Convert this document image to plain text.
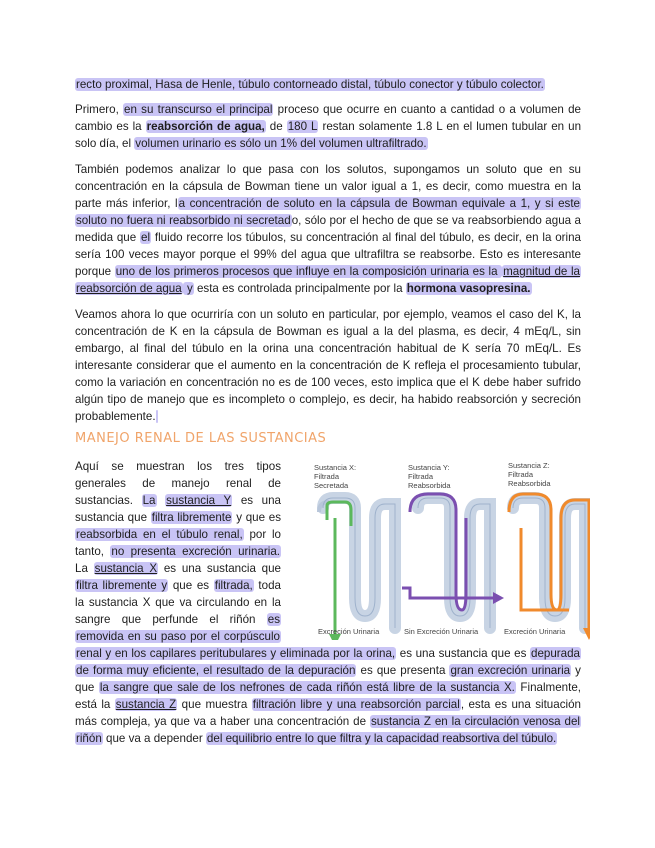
recto proximal, Hasa de Henle, túbulo contorneado distal, túbulo conector y túbulo colector.

Primero, en su transcurso el principal proceso que ocurre en cuanto a cantidad o a volumen de cambio es la reabsorción de agua, de 180 L restan solamente 1.8 L en el lumen tubular en un solo día, el volumen urinario es sólo un 1% del volumen ultrafiltrado.

También podemos analizar lo que pasa con los solutos, supongamos un soluto que en su concentración en la cápsula de Bowman tiene un valor igual a 1, es decir, como muestra en la parte más inferior, la concentración de soluto en la cápsula de Bowman equivale a 1, y si este soluto no fuera ni reabsorbido ni secretado, sólo por el hecho de que se va reabsorbiendo agua a medida que el fluido recorre los túbulos, su concentración al final del túbulo, es decir, en la orina sería 100 veces mayor porque el 99% del agua que ultrafiltra se reabsorbe. Esto es interesante porque uno de los primeros procesos que influye en la composición urinaria es la magnitud de la reabsorción de agua y esta es controlada principalmente por la hormona vasopresina.

Veamos ahora lo que ocurriría con un soluto en particular, por ejemplo, veamos el caso del K, la concentración de K en la cápsula de Bowman es igual a la del plasma, es decir, 4 mEq/L, sin embargo, al final del túbulo en la orina una concentración habitual de K sería 70 mEq/L. Es interesante considerar que el aumento en la concentración de K refleja el procesamiento tubular, como la variación en concentración no es de 100 veces, esto implica que el K debe haber sufrido algún tipo de manejo que es incompleto o complejo, es decir, ha habido reabsorción y secreción probablemente.

MANEJO RENAL DE LAS SUSTANCIAS
Sustancia X:
Filtrada
Secretada
Sustancia Y:
Filtrada
Reabsorbida
Sustancia Z:
Filtrada
Reabsorbida
Excreción Urinaria	Sin Excreción Urinaria	Excreción Urinaria
Aquí se muestran los tres tipos generales de manejo renal de sustancias. La sustancia Y es una sustancia que filtra libremente y que es reabsorbida en el túbulo renal, por lo tanto, no presenta excreción urinaria. La sustancia X es una sustancia que filtra libremente y que es filtrada, toda la sustancia X que va circulando en la sangre que perfunde el riñón es removida en su paso por el corpúsculo renal y en los capilares peritubulares y eliminada por la orina, es una sustancia que es depurada de forma muy eficiente, el resultado de la depuración es que presenta gran excreción urinaria y que la sangre que sale de los nefrones de cada riñón está libre de la sustancia X. Finalmente, está la sustancia Z que muestra filtración libre y una reabsorción parcial, esta es una situación más compleja, ya que va a haber una concentración de sustancia Z en la circulación venosa del riñón que va a depender del equilibrio entre lo que filtra y la capacidad reabsortiva del túbulo.
